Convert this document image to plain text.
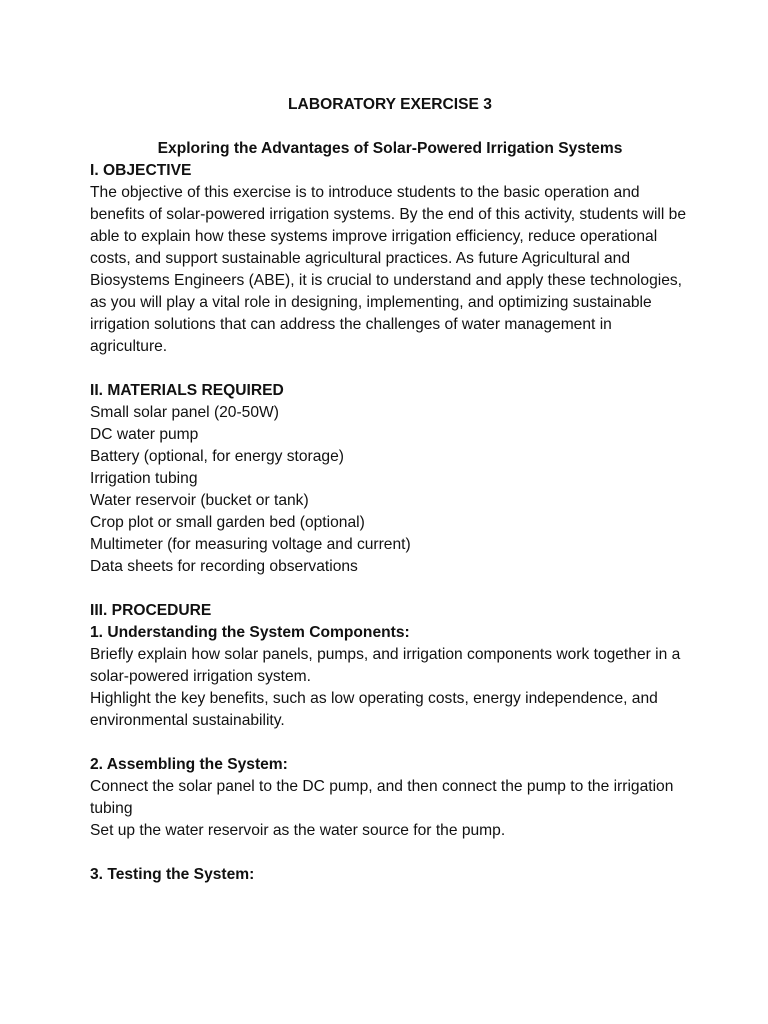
LABORATORY EXERCISE 3

Exploring the Advantages of Solar-Powered Irrigation Systems

I. OBJECTIVE

The objective of this exercise is to introduce students to the basic operation and benefits of solar-powered irrigation systems. By the end of this activity, students will be able to explain how these systems improve irrigation efficiency, reduce operational costs, and support sustainable agricultural practices. As future Agricultural and Biosystems Engineers (ABE), it is crucial to understand and apply these technologies, as you will play a vital role in designing, implementing, and optimizing sustainable irrigation solutions that can address the challenges of water management in agriculture.

II. MATERIALS REQUIRED

Small solar panel (20-50W)
DC water pump
Battery (optional, for energy storage)
Irrigation tubing
Water reservoir (bucket or tank)
Crop plot or small garden bed (optional)
Multimeter (for measuring voltage and current)
Data sheets for recording observations

III. PROCEDURE

1. Understanding the System Components:

Briefly explain how solar panels, pumps, and irrigation components work together in a solar-powered irrigation system.

Highlight the key benefits, such as low operating costs, energy independence, and environmental sustainability.

2. Assembling the System:

Connect the solar panel to the DC pump, and then connect the pump to the irrigation tubing

Set up the water reservoir as the water source for the pump.

3. Testing the System:
